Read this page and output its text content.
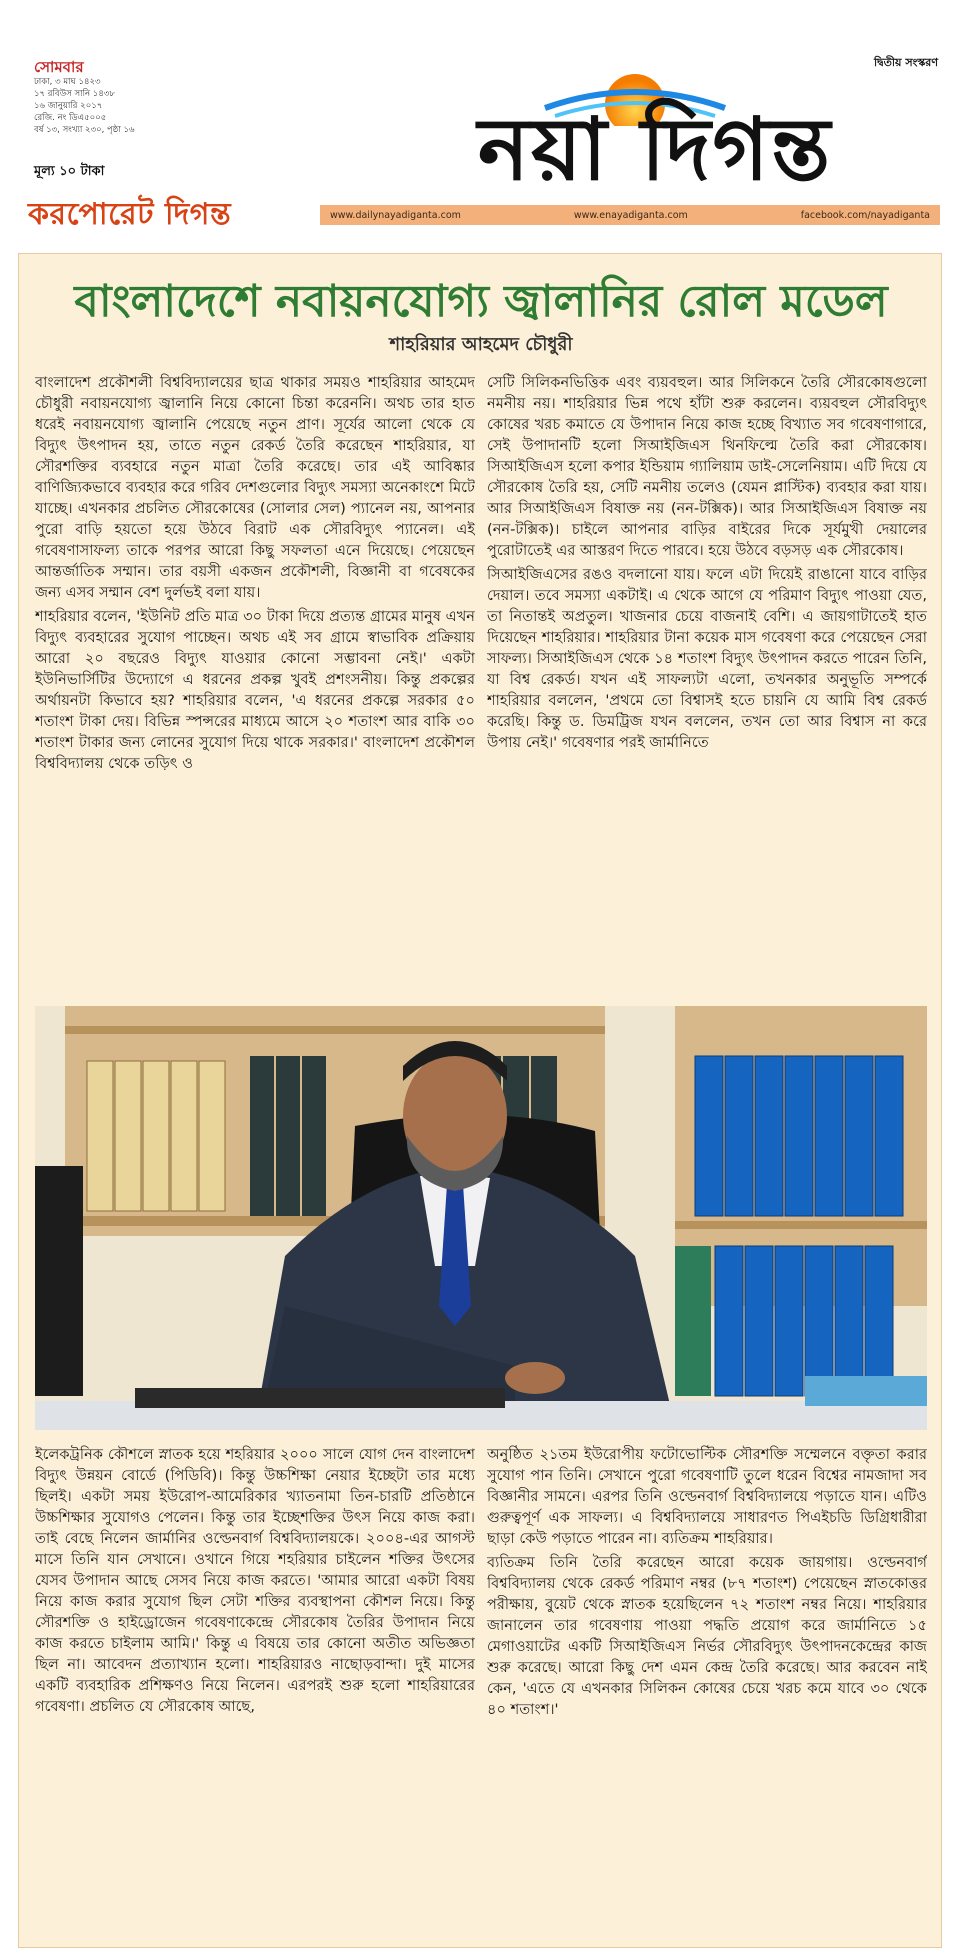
সোমবার
ঢাকা, ৩ মাঘ ১৪২৩
১৭ রবিউস সানি ১৪৩৮
১৬ জানুয়ারি ২০১৭
রেজি. নং ডিএ৫০০৫
বর্ষ ১৩, সংখ্যা ২৩০, পৃষ্ঠা ১৬
মূল্য ১০ টাকা
করপোরেট দিগন্ত
দ্বিতীয় সংস্করণ
নয়া দিগন্ত
www.dailynayadiganta.com	www.enayadiganta.com	facebook.com/nayadiganta
বাংলাদেশে নবায়নযোগ্য জ্বালানির রোল মডেল
শাহরিয়ার আহমেদ চৌধুরী

বাংলাদেশ প্রকৌশলী বিশ্ববিদ্যালয়ের ছাত্র থাকার সময়ও শাহরিয়ার আহমেদ চৌধুরী নবায়নযোগ্য জ্বালানি নিয়ে কোনো চিন্তা করেননি। অথচ তার হাত ধরেই নবায়নযোগ্য জ্বালানি পেয়েছে নতুন প্রাণ। সূর্যের আলো থেকে যে বিদ্যুৎ উৎপাদন হয়, তাতে নতুন রেকর্ড তৈরি করেছেন শাহরিয়ার, যা সৌরশক্তির ব্যবহারে নতুন মাত্রা তৈরি করেছে। তার এই আবিষ্কার বাণিজ্যিকভাবে ব্যবহার করে গরিব দেশগুলোর বিদ্যুৎ সমস্যা অনেকাংশে মিটে যাচ্ছে। এখনকার প্রচলিত সৌরকোষের (সোলার সেল) প্যানেল নয়, আপনার পুরো বাড়ি হয়তো হয়ে উঠবে বিরাট এক সৌরবিদ্যুৎ প্যানেল। এই গবেষণাসাফল্য তাকে পরপর আরো কিছু সফলতা এনে দিয়েছে। পেয়েছেন আন্তর্জাতিক সম্মান। তার বয়সী একজন প্রকৌশলী, বিজ্ঞানী বা গবেষকের জন্য এসব সম্মান বেশ দুর্লভই বলা যায়।

শাহরিয়ার বলেন, 'ইউনিট প্রতি মাত্র ৩০ টাকা দিয়ে প্রত্যন্ত গ্রামের মানুষ এখন বিদ্যুৎ ব্যবহারের সুযোগ পাচ্ছেন। অথচ এই সব গ্রামে স্বাভাবিক প্রক্রিয়ায় আরো ২০ বছরেও বিদ্যুৎ যাওয়ার কোনো সম্ভাবনা নেই।' একটা ইউনিভার্সিটির উদ্যোগে এ ধরনের প্রকল্প খুবই প্রশংসনীয়। কিন্তু প্রকল্পের অর্থায়নটা কিভাবে হয়? শাহরিয়ার বলেন, 'এ ধরনের প্রকল্পে সরকার ৫০ শতাংশ টাকা দেয়। বিভিন্ন স্পন্সরের মাধ্যমে আসে ২০ শতাংশ আর বাকি ৩০ শতাংশ টাকার জন্য লোনের সুযোগ দিয়ে থাকে সরকার।' বাংলাদেশ প্রকৌশল বিশ্ববিদ্যালয় থেকে তড়িৎ ও

সেটি সিলিকনভিত্তিক এবং ব্যয়বহুল। আর সিলিকনে তৈরি সৌরকোষগুলো নমনীয় নয়। শাহরিয়ার ভিন্ন পথে হাঁটা শুরু করলেন। ব্যয়বহুল সৌরবিদ্যুৎ কোষের খরচ কমাতে যে উপাদান নিয়ে কাজ হচ্ছে বিখ্যাত সব গবেষণাগারে, সেই উপাদানটি হলো সিআইজিএস থিনফিল্মে তৈরি করা সৌরকোষ। সিআইজিএস হলো কপার ইন্ডিয়াম গ্যালিয়াম ডাই-সেলেনিয়াম। এটি দিয়ে যে সৌরকোষ তৈরি হয়, সেটি নমনীয় তলেও (যেমন প্লাস্টিক) ব্যবহার করা যায়। আর সিআইজিএস বিষাক্ত নয় (নন-টক্সিক)। আর সিআইজিএস বিষাক্ত নয় (নন-টক্সিক)। চাইলে আপনার বাড়ির বাইরের দিকে সূর্যমুখী দেয়ালের পুরোটাতেই এর আস্তরণ দিতে পারবে। হয়ে উঠবে বড়সড় এক সৌরকোষ।

সিআইজিএসের রঙও বদলানো যায়। ফলে এটা দিয়েই রাঙানো যাবে বাড়ির দেয়াল। তবে সমস্যা একটাই। এ থেকে আগে যে পরিমাণ বিদ্যুৎ পাওয়া যেত, তা নিতান্তই অপ্রতুল। খাজনার চেয়ে বাজনাই বেশি। এ জায়গাটাতেই হাত দিয়েছেন শাহরিয়ার। শাহরিয়ার টানা কয়েক মাস গবেষণা করে পেয়েছেন সেরা সাফল্য। সিআইজিএস থেকে ১৪ শতাংশ বিদ্যুৎ উৎপাদন করতে পারেন তিনি, যা বিশ্ব রেকর্ড। যখন এই সাফল্যটা এলো, তখনকার অনুভূতি সম্পর্কে শাহরিয়ার বললেন, 'প্রথমে তো বিশ্বাসই হতে চায়নি যে আমি বিশ্ব রেকর্ড করেছি। কিন্তু ড. ডিমট্রিজ যখন বললেন, তখন তো আর বিশ্বাস না করে উপায় নেই।' গবেষণার পরই জার্মানিতে

ইলেকট্রনিক কৌশলে স্নাতক হয়ে শহরিয়ার ২০০০ সালে যোগ দেন বাংলাদেশ বিদ্যুৎ উন্নয়ন বোর্ডে (পিডিবি)। কিন্তু উচ্চশিক্ষা নেয়ার ইচ্ছেটা তার মধ্যে ছিলই। একটা সময় ইউরোপ-আমেরিকার খ্যাতনামা তিন-চারটি প্রতিষ্ঠানে উচ্চশিক্ষার সুযোগও পেলেন। কিন্তু তার ইচ্ছেশক্তির উৎস নিয়ে কাজ করা। তাই বেছে নিলেন জার্মানির ওল্ডেনবার্গ বিশ্ববিদ্যালয়কে। ২০০৪-এর আগস্ট মাসে তিনি যান সেখানে। ওখানে গিয়ে শহরিয়ার চাইলেন শক্তির উৎসের যেসব উপাদান আছে সেসব নিয়ে কাজ করতে। 'আমার আরো একটা বিষয় নিয়ে কাজ করার সুযোগ ছিল সেটা শক্তির ব্যবস্থাপনা কৌশল নিয়ে। কিন্তু সৌরশক্তি ও হাইড্রোজেন গবেষণাকেন্দ্রে সৌরকোষ তৈরির উপাদান নিয়ে কাজ করতে চাইলাম আমি।' কিন্তু এ বিষয়ে তার কোনো অতীত অভিজ্ঞতা ছিল না। আবেদন প্রত্যাখ্যান হলো। শাহরিয়ারও নাছোড়বান্দা। দুই মাসের একটি ব্যবহারিক প্রশিক্ষণও নিয়ে নিলেন। এরপরই শুরু হলো শাহরিয়ারের গবেষণা। প্রচলিত যে সৌরকোষ আছে,

অনুষ্ঠিত ২১তম ইউরোপীয় ফটোভোল্টিক সৌরশক্তি সম্মেলনে বক্তৃতা করার সুযোগ পান তিনি। সেখানে পুরো গবেষণাটি তুলে ধরেন বিশ্বের নামজাদা সব বিজ্ঞানীর সামনে। এরপর তিনি ওল্ডেনবার্গ বিশ্ববিদ্যালয়ে পড়াতে যান। এটিও গুরুত্বপূর্ণ এক সাফল্য। এ বিশ্ববিদ্যালয়ে সাধারণত পিএইচডি ডিগ্রিধারীরা ছাড়া কেউ পড়াতে পারেন না। ব্যতিক্রম শাহরিয়ার।

ব্যতিক্রম তিনি তৈরি করেছেন আরো কয়েক জায়গায়। ওল্ডেনবার্গ বিশ্ববিদ্যালয় থেকে রেকর্ড পরিমাণ নম্বর (৮৭ শতাংশ) পেয়েছেন স্নাতকোত্তর পরীক্ষায়, বুয়েট থেকে স্নাতক হয়েছিলেন ৭২ শতাংশ নম্বর নিয়ে। শাহরিয়ার জানালেন তার গবেষণায় পাওয়া পদ্ধতি প্রয়োগ করে জার্মানিতে ১৫ মেগাওয়াটের একটি সিআইজিএস নির্ভর সৌরবিদ্যুৎ উৎপাদনকেন্দ্রের কাজ শুরু করেছে। আরো কিছু দেশ এমন কেন্দ্র তৈরি করেছে। আর করবেন নাই কেন, 'এতে যে এখনকার সিলিকন কোষের চেয়ে খরচ কমে যাবে ৩০ থেকে ৪০ শতাংশ।'
